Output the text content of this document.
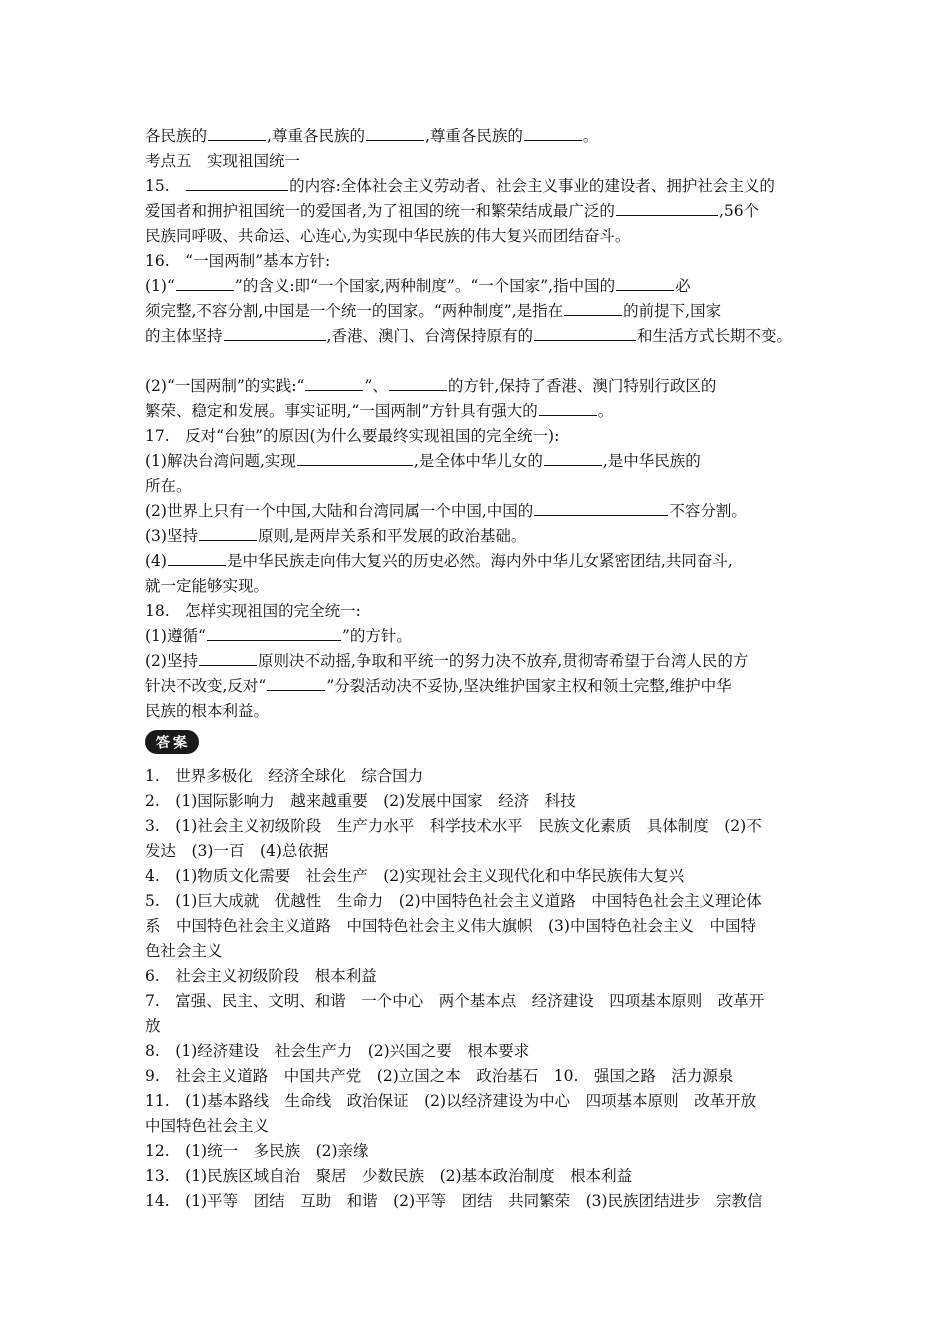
各民族的	,尊重各民族的	,尊重各民族的	。
考点五　实现祖国统一
15.　	的内容:全体社会主义劳动者、社会主义事业的建设者、拥护社会主义的
爱国者和拥护祖国统一的爱国者,为了祖国的统一和繁荣结成最广泛的	,56个
民族同呼吸、共命运、心连心,为实现中华民族的伟大复兴而团结奋斗。
16.　“一国两制”基本方针:
(1)“	”的含义:即“一个国家,两种制度”。“一个国家”,指中国的	必
须完整,不容分割,中国是一个统一的国家。“两种制度”,是指在	的前提下,国家
的主体坚持	,香港、澳门、台湾保持原有的	和生活方式长期不变。
(2)“一国两制”的实践:“	”、	的方针,保持了香港、澳门特别行政区的
繁荣、稳定和发展。事实证明,“一国两制”方针具有强大的	。
17.　反对“台独”的原因(为什么要最终实现祖国的完全统一):
(1)解决台湾问题,实现	,是全体中华儿女的	,是中华民族的
所在。
(2)世界上只有一个中国,大陆和台湾同属一个中国,中国的	不容分割。
(3)坚持	原则,是两岸关系和平发展的政治基础。
(4)	是中华民族走向伟大复兴的历史必然。海内外中华儿女紧密团结,共同奋斗,
就一定能够实现。
18.　怎样实现祖国的完全统一:
(1)遵循“	”的方针。
(2)坚持	原则决不动摇,争取和平统一的努力决不放弃,贯彻寄希望于台湾人民的方
针决不改变,反对“	”分裂活动决不妥协,坚决维护国家主权和领土完整,维护中华
民族的根本利益。
答 案
1.　世界多极化　经济全球化　综合国力
2.　(1)国际影响力　越来越重要　(2)发展中国家　经济　科技
3.　(1)社会主义初级阶段　生产力水平　科学技术水平　民族文化素质　具体制度　(2)不
发达　(3)一百　(4)总依据
4.　(1)物质文化需要　社会生产　(2)实现社会主义现代化和中华民族伟大复兴
5.　(1)巨大成就　优越性　生命力　(2)中国特色社会主义道路　中国特色社会主义理论体
系　中国特色社会主义道路　中国特色社会主义伟大旗帜　(3)中国特色社会主义　中国特
色社会主义
6.　社会主义初级阶段　根本利益
7.　富强、民主、文明、和谐　一个中心　两个基本点　经济建设　四项基本原则　改革开
放
8.　(1)经济建设　社会生产力　(2)兴国之要　根本要求
9.　社会主义道路　中国共产党　(2)立国之本　政治基石　10.　强国之路　活力源泉
11.　(1)基本路线　生命线　政治保证　(2)以经济建设为中心　四项基本原则　改革开放
中国特色社会主义
12.　(1)统一　多民族　(2)亲缘
13.　(1)民族区域自治　聚居　少数民族　(2)基本政治制度　根本利益
14.　(1)平等　团结　互助　和谐　(2)平等　团结　共同繁荣　(3)民族团结进步　宗教信
